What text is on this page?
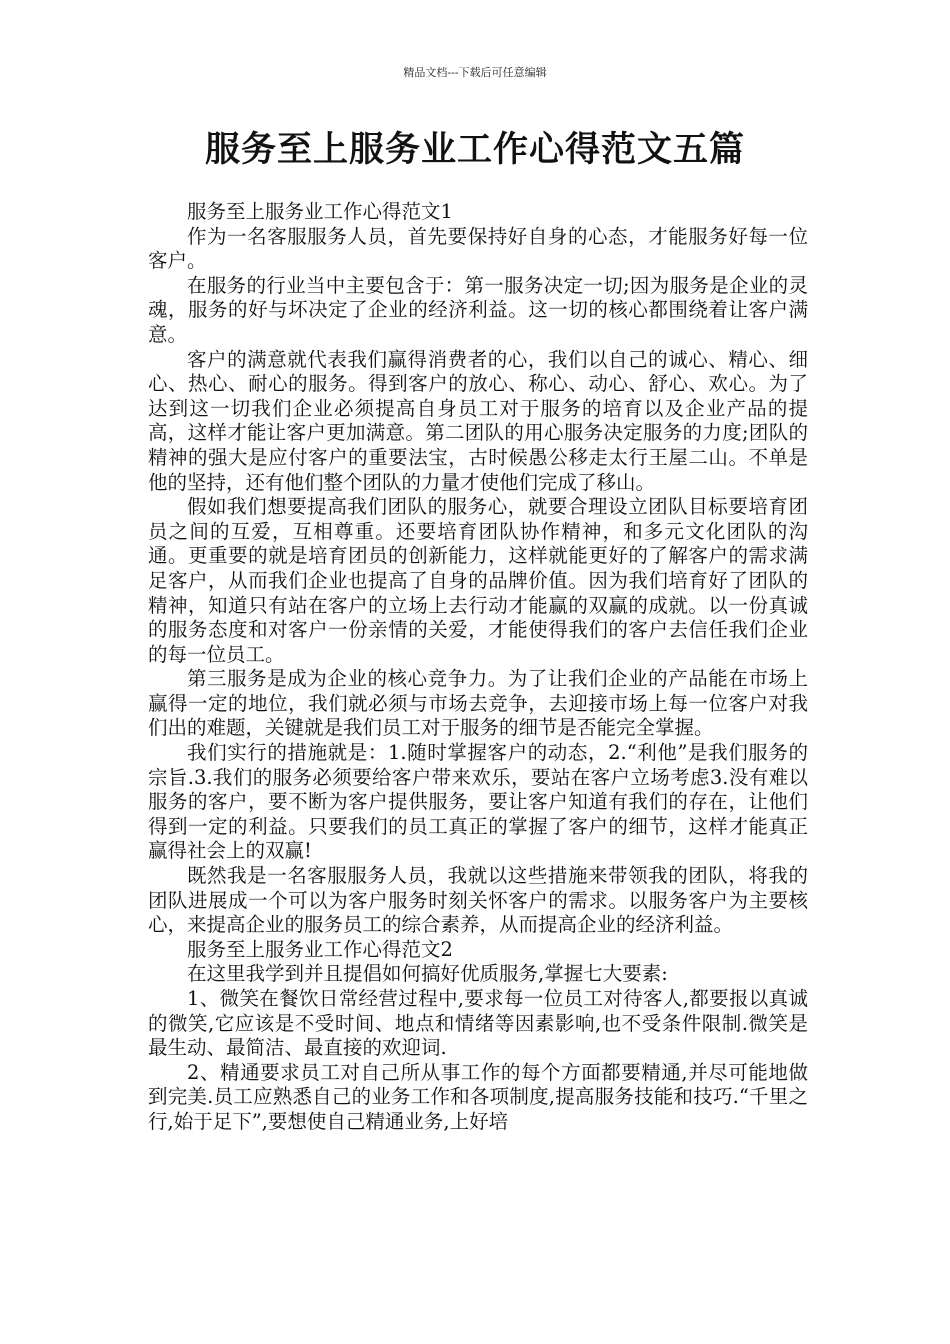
精品文档---下载后可任意编辑
服务至上服务业工作心得范文五篇

服务至上服务业工作心得范文1

作为一名客服服务人员，首先要保持好自身的心态，才能服务好每一位客户。

在服务的行业当中主要包含于：第一服务决定一切;因为服务是企业的灵魂，服务的好与坏决定了企业的经济利益。这一切的核心都围绕着让客户满意。

客户的满意就代表我们赢得消费者的心，我们以自己的诚心、精心、细心、热心、耐心的服务。得到客户的放心、称心、动心、舒心、欢心。为了达到这一切我们企业必须提高自身员工对于服务的培育以及企业产品的提高，这样才能让客户更加满意。第二团队的用心服务决定服务的力度;团队的精神的强大是应付客户的重要法宝，古时候愚公移走太行王屋二山。不单是他的坚持，还有他们整个团队的力量才使他们完成了移山。

假如我们想要提高我们团队的服务心，就要合理设立团队目标要培育团员之间的互爱，互相尊重。还要培育团队协作精神，和多元文化团队的沟通。更重要的就是培育团员的创新能力，这样就能更好的了解客户的需求满足客户，从而我们企业也提高了自身的品牌价值。因为我们培育好了团队的精神，知道只有站在客户的立场上去行动才能赢的双赢的成就。以一份真诚的服务态度和对客户一份亲情的关爱，才能使得我们的客户去信任我们企业的每一位员工。

第三服务是成为企业的核心竞争力。为了让我们企业的产品能在市场上赢得一定的地位，我们就必须与市场去竞争，去迎接市场上每一位客户对我们出的难题，关键就是我们员工对于服务的细节是否能完全掌握。

我们实行的措施就是：1.随时掌握客户的动态，2.“利他”是我们服务的宗旨.3.我们的服务必须要给客户带来欢乐，要站在客户立场考虑3.没有难以服务的客户，要不断为客户提供服务，要让客户知道有我们的存在，让他们得到一定的利益。只要我们的员工真正的掌握了客户的细节，这样才能真正赢得社会上的双赢!

既然我是一名客服服务人员，我就以这些措施来带领我的团队，将我的团队进展成一个可以为客户服务时刻关怀客户的需求。以服务客户为主要核心，来提高企业的服务员工的综合素养，从而提高企业的经济利益。

服务至上服务业工作心得范文2

在这里我学到并且提倡如何搞好优质服务,掌握七大要素:

1、微笑在餐饮日常经营过程中,要求每一位员工对待客人,都要报以真诚的微笑,它应该是不受时间、地点和情绪等因素影响,也不受条件限制.微笑是最生动、最简洁、最直接的欢迎词.

2、精通要求员工对自己所从事工作的每个方面都要精通,并尽可能地做到完美.员工应熟悉自己的业务工作和各项制度,提高服务技能和技巧.“千里之行,始于足下”,要想使自己精通业务,上好培
